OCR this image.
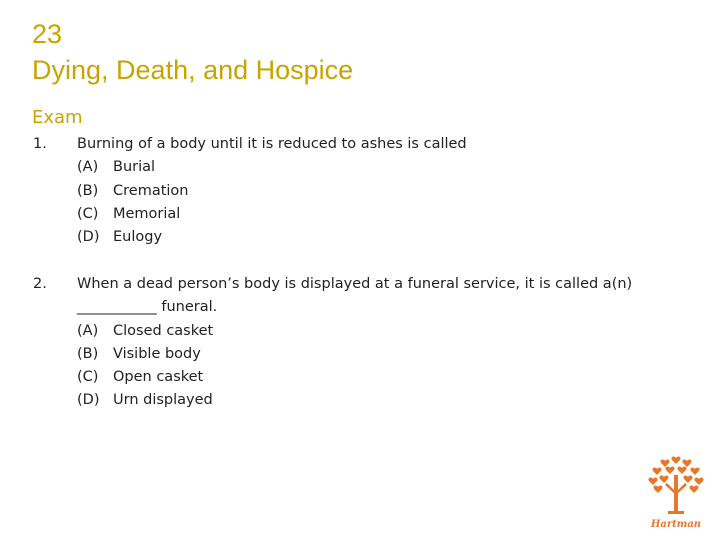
23
Dying, Death, and Hospice
Exam
1.	Burning of a body until it is reduced to ashes is called
(A) Burial
(B) Cremation
(C) Memorial
(D) Eulogy
2.	When a dead person’s body is displayed at a funeral service, it is called a(n)
___________ funeral.
(A) Closed casket
(B) Visible body
(C) Open casket
(D) Urn displayed
Hartman
